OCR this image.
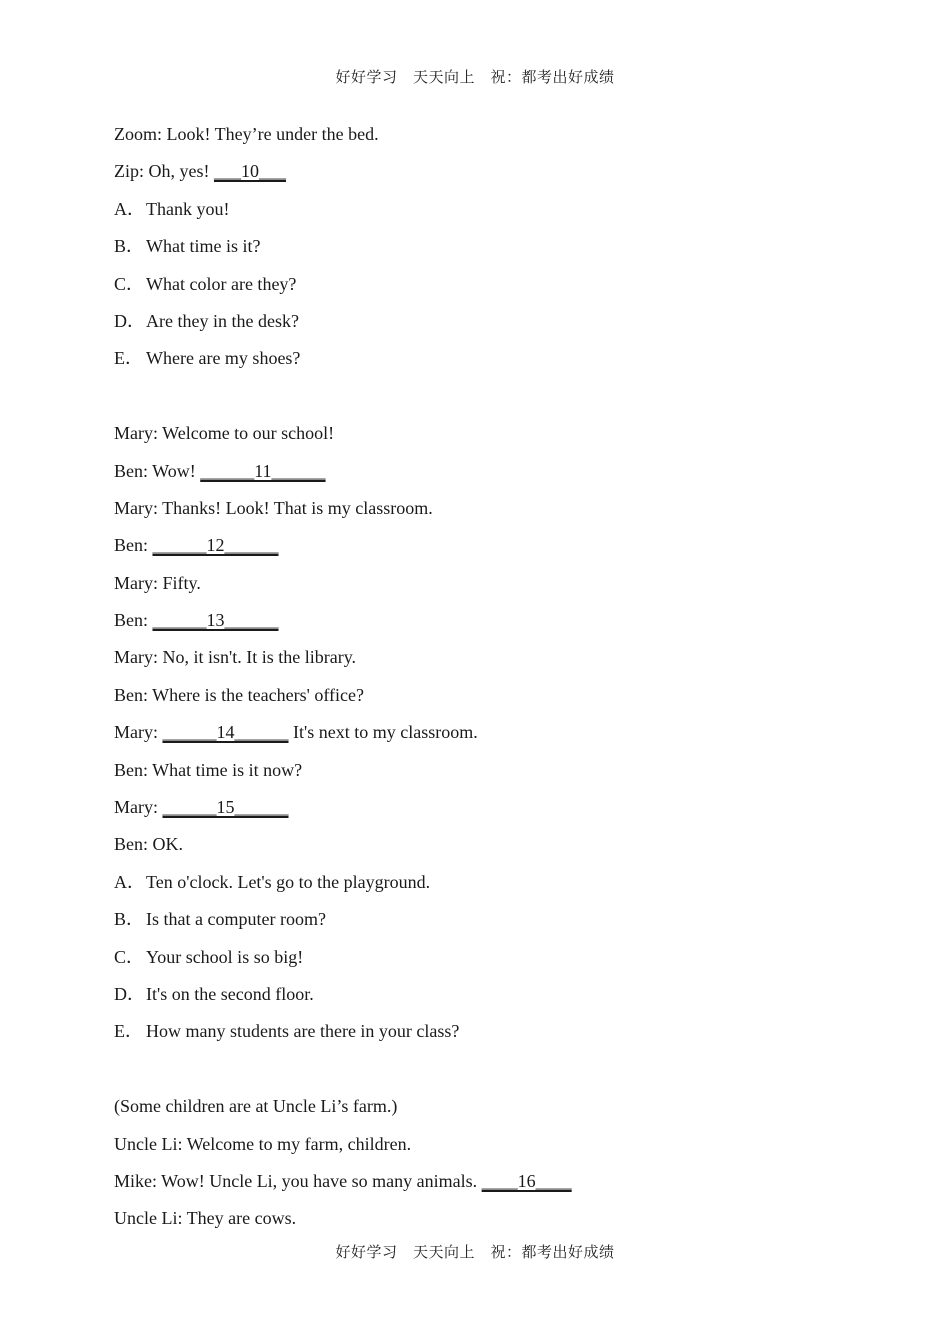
好好学习　天天向上　祝：都考出好成绩
Zoom: Look! They’re under the bed.
Zip: Oh, yes! ___10___
A．Thank you!
B． What time is it?
C． What color are they?
D．Are they in the desk?
E． Where are my shoes?
Mary: Welcome to our school!
Ben: Wow! ______11______
Mary: Thanks! Look! That is my classroom.
Ben: ______12______
Mary: Fifty.
Ben: ______13______
Mary: No, it isn't. It is the library.
Ben: Where is the teachers' office?
Mary: ______14______ It's next to my classroom.
Ben: What time is it now?
Mary: ______15______
Ben: OK.
A．Ten o'clock. Let's go to the playground.
B． Is that a computer room?
C． Your school is so big!
D．It's on the second floor.
E． How many students are there in your class?
(Some children are at Uncle Li’s farm.)
Uncle Li: Welcome to my farm, children.
Mike: Wow! Uncle Li, you have so many animals. ____16____
Uncle Li: They are cows.
好好学习　天天向上　祝：都考出好成绩
